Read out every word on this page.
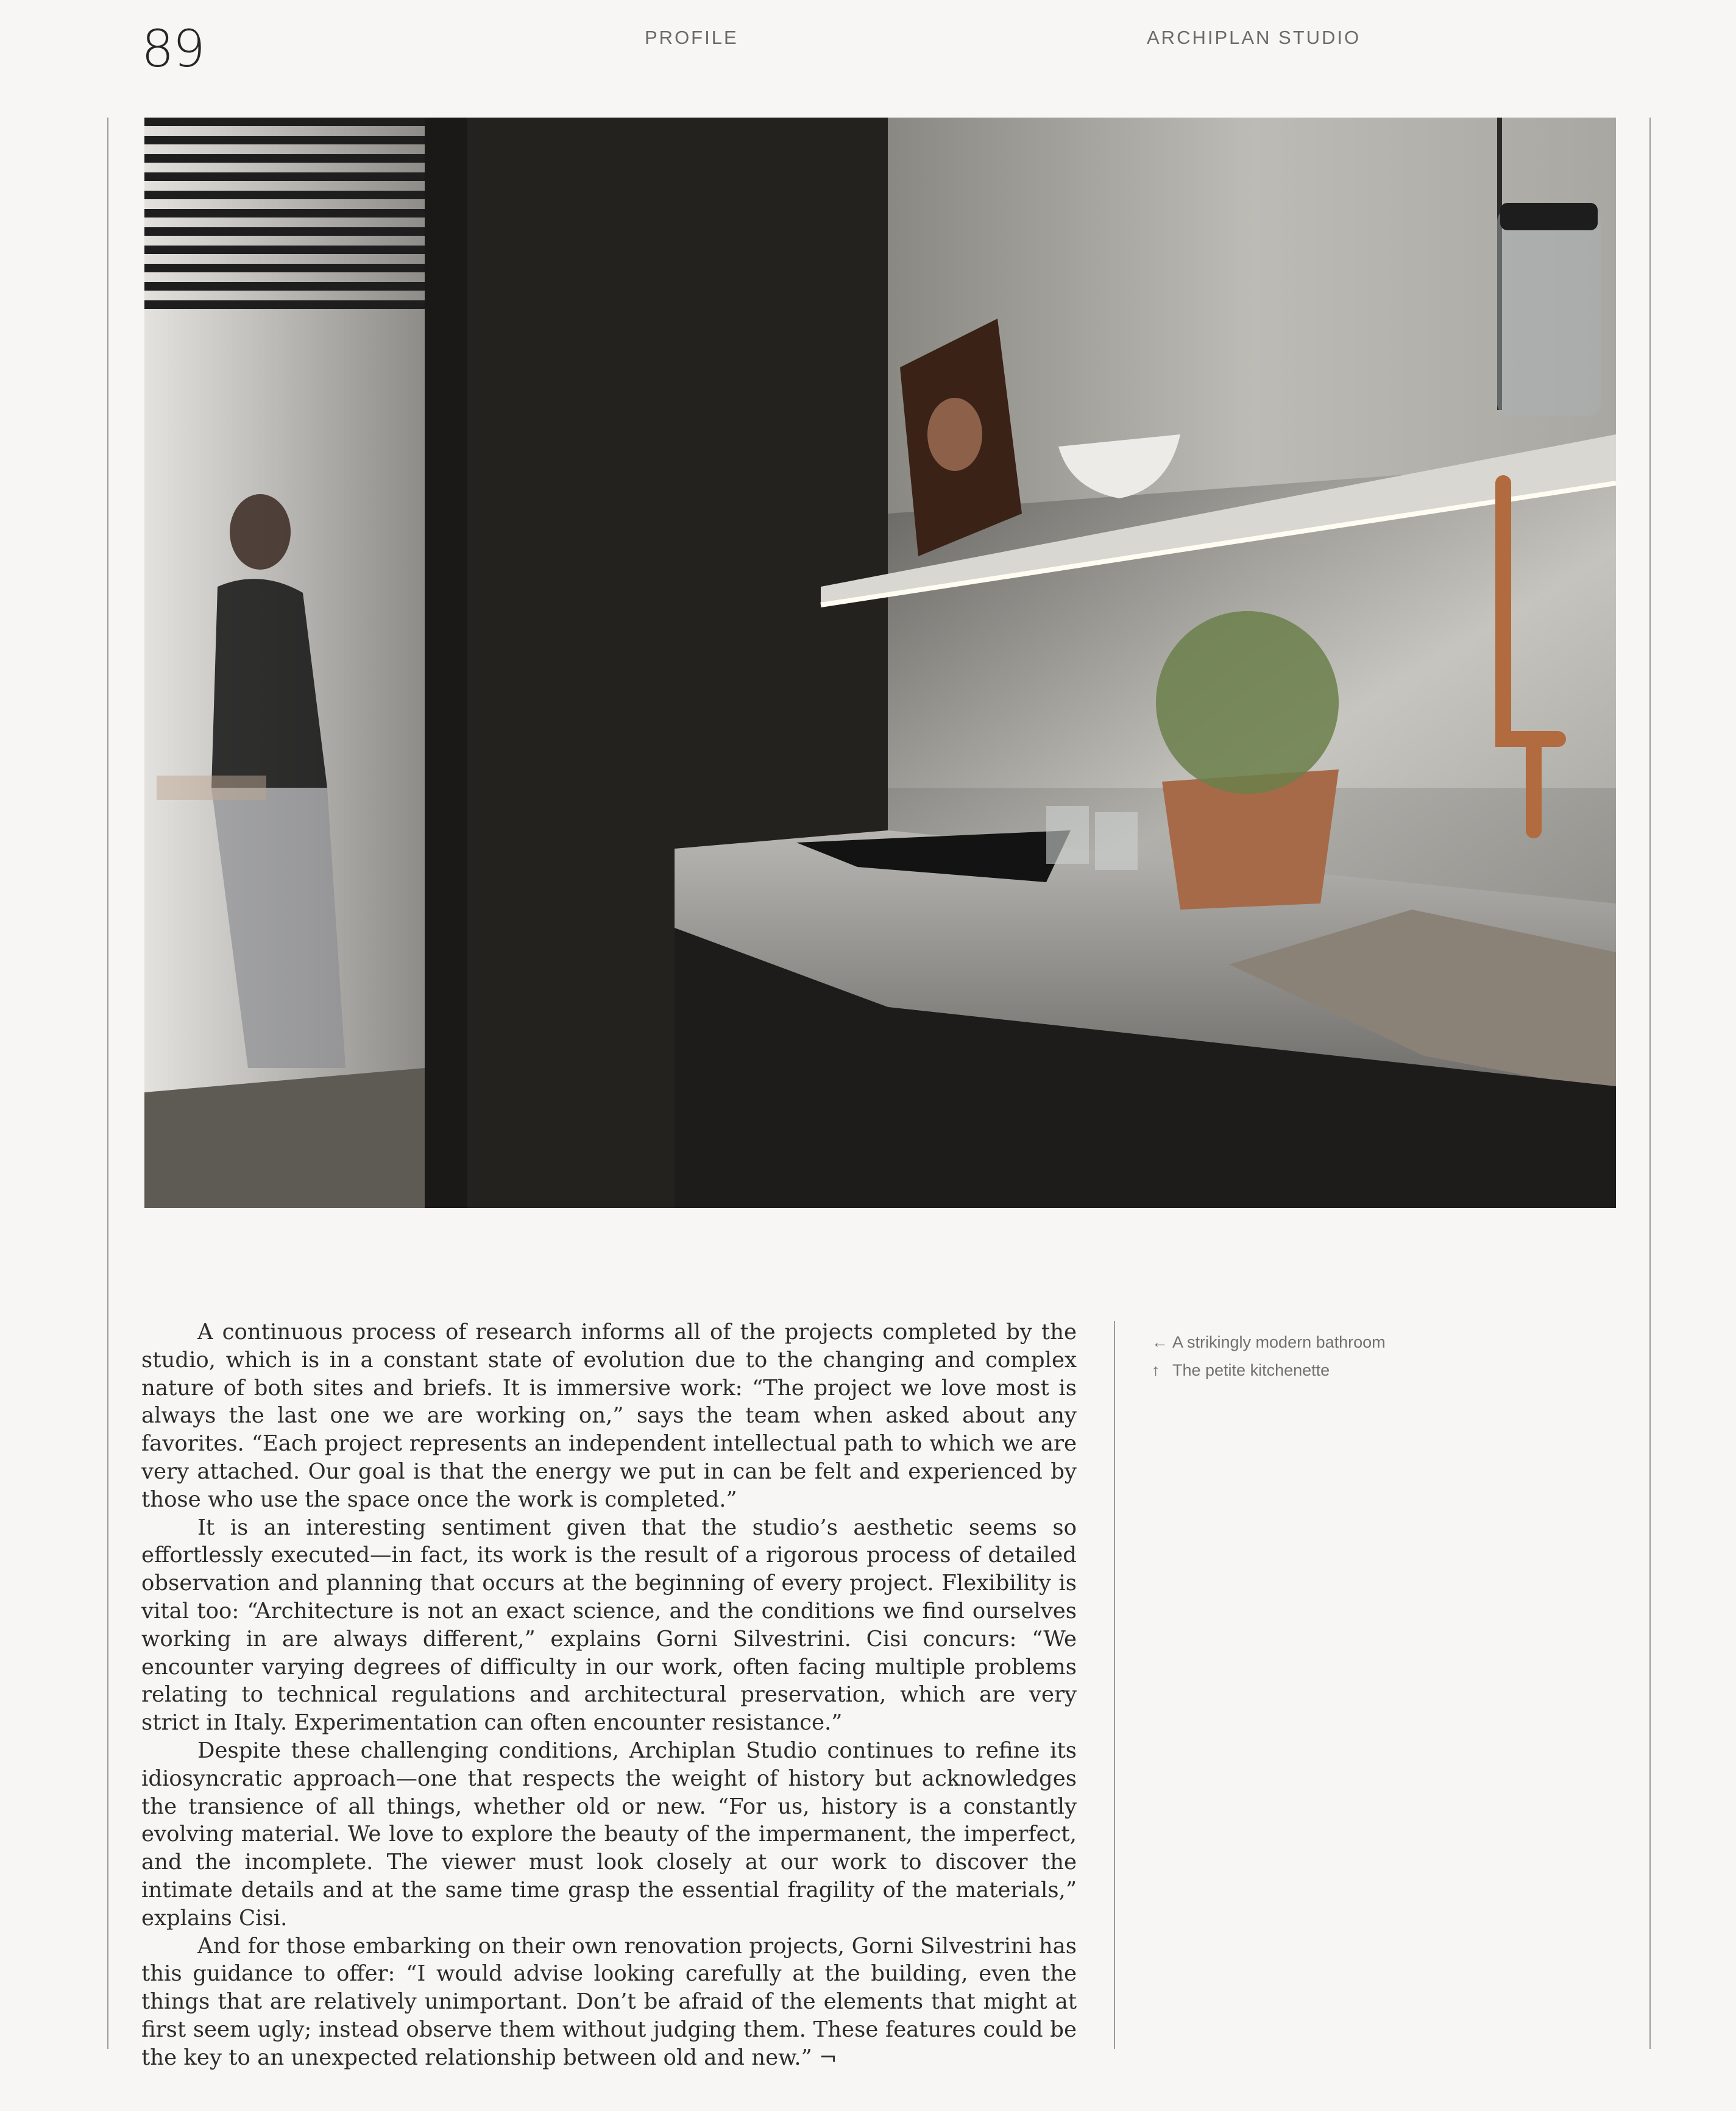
89	PROFILE	ARCHIPLAN STUDIO

A continuous process of research informs all of the projects completed by the studio, which is in a constant state of evolution due to the changing and complex nature of both sites and briefs. It is immersive work: “The project we love most is always the last one we are working on,” says the team when asked about any favorites. “Each project represents an independent intellectual path to which we are very attached. Our goal is that the energy we put in can be felt and experienced by those who use the space once the work is completed.”

It is an interesting sentiment given that the studio’s aesthetic seems so effortlessly executed—in fact, its work is the result of a rigorous process of detailed observation and planning that occurs at the beginning of every project. Flexibility is vital too: “Architecture is not an exact science, and the conditions we find ourselves working in are always different,” explains Gorni Silvestrini. Cisi concurs: “We encounter varying degrees of difficulty in our work, often facing multiple problems relating to technical regulations and architectural preservation, which are very strict in Italy. Experimentation can often encounter resistance.”

Despite these challenging conditions, Archiplan Studio continues to refine its idiosyncratic approach—one that respects the weight of history but acknowledges the transience of all things, whether old or new. “For us, history is a constantly evolving material. We love to explore the beauty of the impermanent, the imperfect, and the incomplete. The viewer must look closely at our work to discover the intimate details and at the same time grasp the essential fragility of the materials,” explains Cisi.

And for those embarking on their own renovation projects, Gorni Silvestrini has this guidance to offer: “I would advise looking carefully at the building, even the things that are relatively unimportant. Don’t be afraid of the elements that might at first seem ugly; instead observe them without judging them. These features could be the key to an unexpected relationship between old and new.” ¬

← A strikingly modern bathroom
↑ The petite kitchenette
